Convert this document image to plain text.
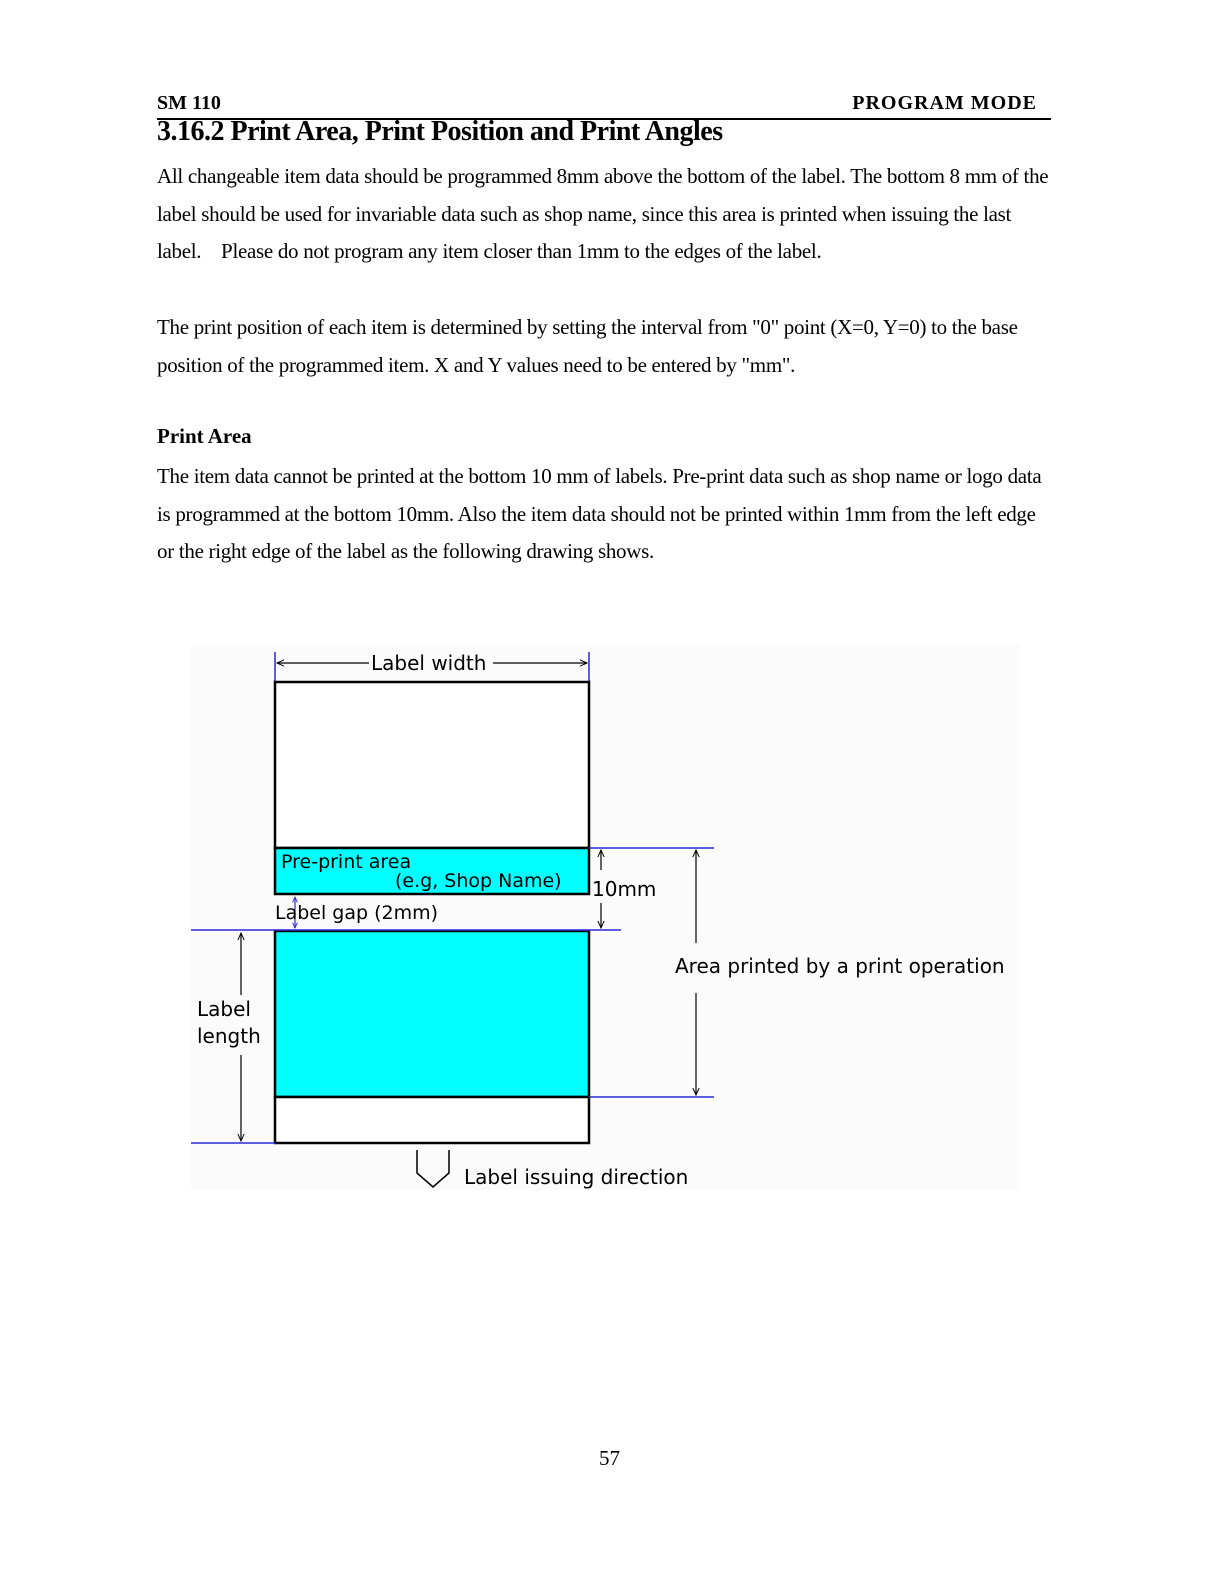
SM 110	PROGRAM MODE
3.16.2 Print Area, Print Position and Print Angles

All changeable item data should be programmed 8mm above the bottom of the label. The bottom 8 mm of the label should be used for invariable data such as shop name, since this area is printed when issuing the last label.    Please do not program any item closer than 1mm to the edges of the label.

The print position of each item is determined by setting the interval from "0" point (X=0, Y=0) to the base position of the programmed item. X and Y values need to be entered by "mm".

Print Area

The item data cannot be printed at the bottom 10 mm of labels. Pre-print data such as shop name or logo data is programmed at the bottom 10mm. Also the item data should not be printed within 1mm from the left edge or the right edge of the label as the following drawing shows.

Label width
Pre-print area
(e.g, Shop Name)
Label gap (2mm)
10mm
Label
length
Area printed by a print operation
Label issuing direction
57
